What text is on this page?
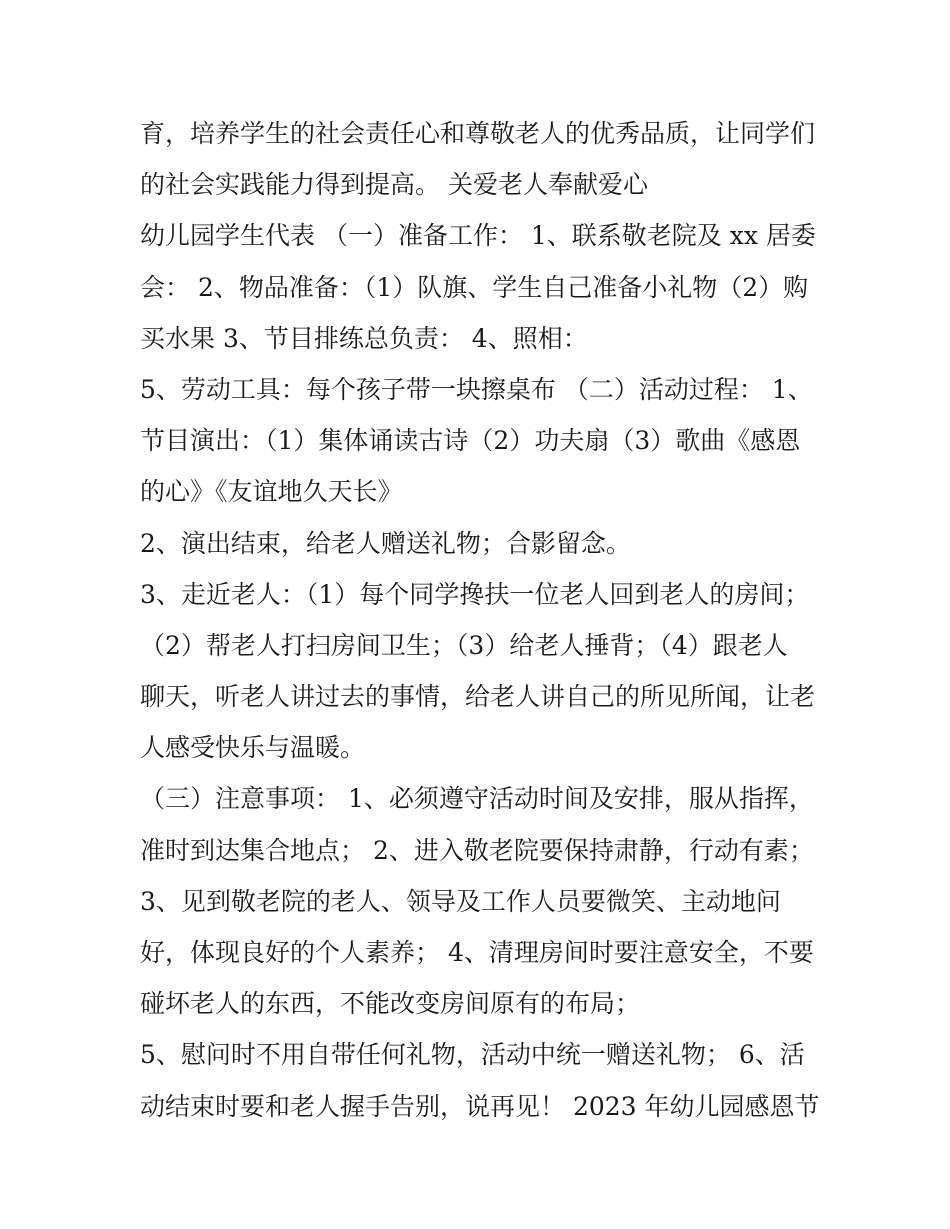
育，培养学生的社会责任心和尊敬老人的优秀品质，让同学们
的社会实践能力得到提高。 关爱老人奉献爱心
幼儿园学生代表 （一）准备工作： 1、联系敬老院及 xx 居委
会： 2、物品准备：（1）队旗、学生自己准备小礼物（2）购
买水果 3、节目排练总负责： 4、照相：
5、劳动工具：每个孩子带一块擦桌布 （二）活动过程： 1、
节目演出：（1）集体诵读古诗（2）功夫扇（3）歌曲《感恩
的心》《友谊地久天长》
2、演出结束，给老人赠送礼物；合影留念。
3、走近老人：（1）每个同学搀扶一位老人回到老人的房间；
（2）帮老人打扫房间卫生；（3）给老人捶背；（4）跟老人
聊天，听老人讲过去的事情，给老人讲自己的所见所闻，让老
人感受快乐与温暖。
（三）注意事项： 1、必须遵守活动时间及安排，服从指挥，
准时到达集合地点； 2、进入敬老院要保持肃静，行动有素；
3、见到敬老院的老人、领导及工作人员要微笑、主动地问
好，体现良好的个人素养； 4、清理房间时要注意安全，不要
碰坏老人的东西，不能改变房间原有的布局；
5、慰问时不用自带任何礼物，活动中统一赠送礼物； 6、活
动结束时要和老人握手告别，说再见！ 2023 年幼儿园感恩节
